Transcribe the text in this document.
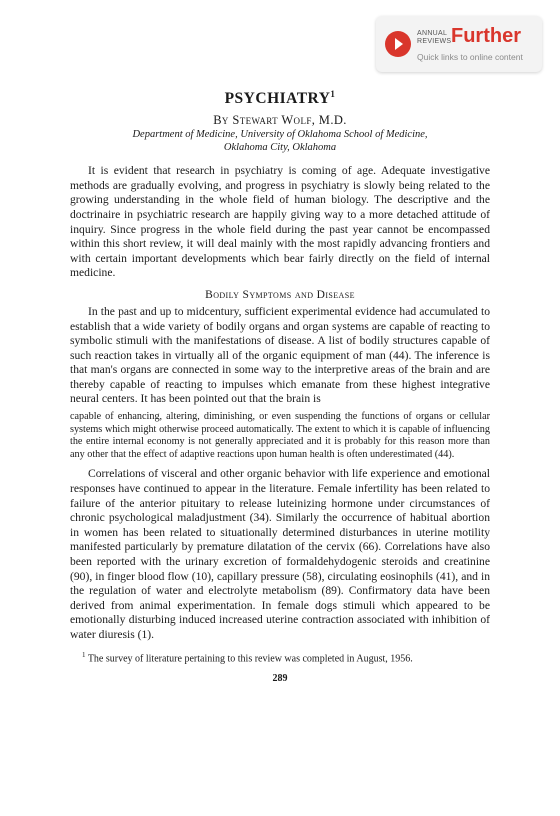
ANNUAL
REVIEWS Further
Quick links to online content
PSYCHIATRY$^1$

By Stewart Wolf, M.D.

Department of Medicine, University of Oklahoma School of Medicine,

Oklahoma City, Oklahoma

It is evident that research in psychiatry is coming of age. Adequate investigative methods are gradually evolving, and progress in psychiatry is slowly being related to the growing understanding in the whole field of human biology. The descriptive and the doctrinaire in psychiatric research are happily giving way to a more detached attitude of inquiry. Since progress in the whole field during the past year cannot be encompassed within this short review, it will deal mainly with the most rapidly advancing frontiers and with certain important developments which bear fairly directly on the field of internal medicine.

Bodily Symptoms and Disease

In the past and up to midcentury, sufficient experimental evidence had accumulated to establish that a wide variety of bodily organs and organ systems are capable of reacting to symbolic stimuli with the manifestations of disease. A list of bodily structures capable of such reaction takes in virtually all of the organic equipment of man (44). The inference is that man's organs are connected in some way to the interpretive areas of the brain and are thereby capable of reacting to impulses which emanate from these highest integrative neural centers. It has been pointed out that the brain is

capable of enhancing, altering, diminishing, or even suspending the functions of organs or cellular systems which might otherwise proceed automatically. The extent to which it is capable of influencing the entire internal economy is not generally appreciated and it is probably for this reason more than any other that the effect of adaptive reactions upon human health is often underestimated (44).

Correlations of visceral and other organic behavior with life experience and emotional responses have continued to appear in the literature. Female infertility has been related to failure of the anterior pituitary to release luteinizing hormone under circumstances of chronic psychological maladjustment (34). Similarly the occurrence of habitual abortion in women has been related to situationally determined disturbances in uterine motility manifested particularly by premature dilatation of the cervix (66). Correlations have also been reported with the urinary excretion of formaldehydogenic steroids and creatinine (90), in finger blood flow (10), capillary pressure (58), circulating eosinophils (41), and in the regulation of water and electrolyte metabolism (89). Confirmatory data have been derived from animal experimentation. In female dogs stimuli which appeared to be emotionally disturbing induced increased uterine contraction associated with inhibition of water diuresis (1).

$^1$ The survey of literature pertaining to this review was completed in August, 1956.

289
